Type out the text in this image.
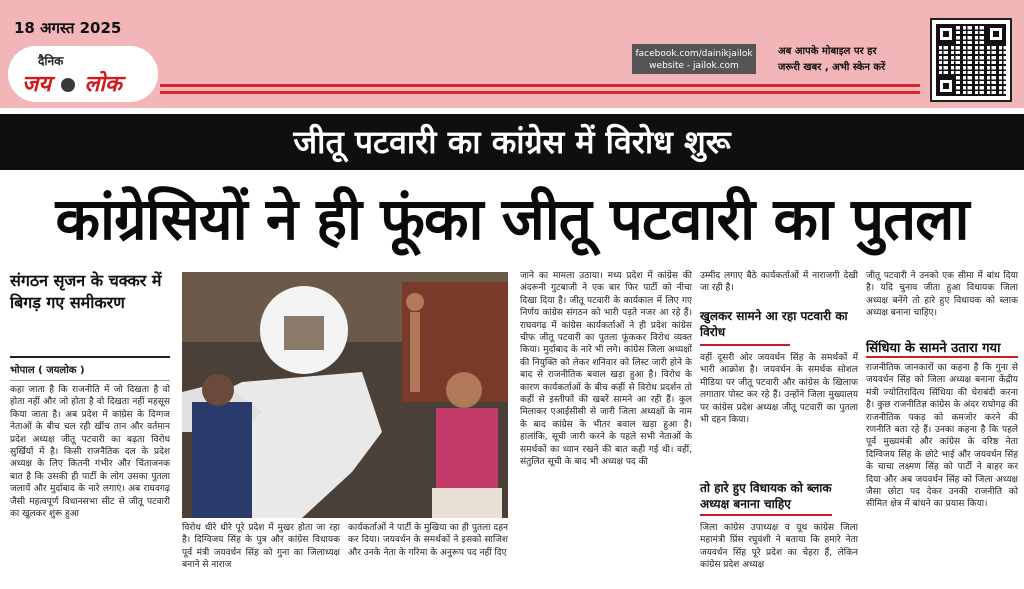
18 अगस्त 2025
दैनिक
जय लोक
facebook.com/dainikjailok
website - jailok.com
अब आपके मोबाइल पर हर
जरूरी खबर , अभी स्केन करें
जीतू पटवारी का कांग्रेस में विरोध शुरू
कांग्रेसियों ने ही फूंका जीतू पटवारी का पुतला
संगठन सृजन के चक्कर में बिगड़ गए समीकरण
भोपाल ( जयलोक )
कहा जाता है कि राजनीति में जो दिखता है वो होता नहीं और जो होता है वो दिखता नहीं महसूस किया जाता है। अब प्रदेश में कांग्रेस के दिग्गज नेताओं के बीच चल रही खींच तान और वर्तमान प्रदेश अध्यक्ष जीतू पटवारी का बढ़ता विरोध सुर्खियों में है। किसी राजनैतिक दल के प्रदेश अध्यक्ष के लिए कितनी गंभीर और चिंताजनक बात है कि उसकी ही पार्टी के लोग उसका पुतला जलायें और मुर्दाबाद के नारे लगाएं। अब राघवगढ़ जैसी महत्वपूर्ण विधानसभा सीट से जीतू पटवारी का खुलकर शुरू हुआ
विरोध धीरे धीरे पूरे प्रदेश में मुखर होता जा रहा है। दिग्विजय सिंह के पुत्र और कांग्रेस विधायक पूर्व मंत्री जयवर्धन सिंह को गुना का जिलाध्यक्ष बनाने से नाराज
कार्यकर्ताओं ने पार्टी के मुखिया का ही पुतला दहन कर दिया। जयवर्धन के समर्थकों ने इसको साजिश और उनके नेता के गरिमा के अनुरूप पद नहीं दिए
जाने का मामला उठाया। मध्य प्रदेश में कांग्रेस की अंदरूनी गुटबाजी ने एक बार फिर पार्टी को नीचा दिखा दिया है। जीतू पटवारी के कार्यकाल में लिए गए निर्णय कांग्रेस संगठन को भारी पड़ते नजर आ रहे हैं। राघवगढ़ में कांग्रेस कार्यकर्ताओं ने ही प्रदेश कांग्रेस चीफ जीतू पटवारी का पुतला फूंककर विरोध व्यक्त किया। मुर्दाबाद के नारे भी लगे। कांग्रेस जिला अध्यक्षों की नियुक्ति को लेकर शनिवार को लिस्ट जारी होने के बाद से राजनीतिक बवाल खड़ा हुआ है। विरोध के कारण कार्यकर्ताओं के बीच कहीं से विरोध प्रदर्शन तो कहीं से इस्तीफों की खबरें सामने आ रही हैं। कुल मिलाकर एआईसीसी से जारी जिला अध्यक्षों के नाम के बाद कांग्रेस के भीतर बवाल खड़ा हुआ है। हालांकि, सूची जारी करने के पहले सभी नेताओं के समर्थकों का ध्यान रखने की बात कही गई थी। वहीं, संतुलित सूची के बाद भी अध्यक्ष पद की
उम्मीद लगाए बैठे कार्यकर्ताओं में नाराजगी देखी जा रही है।
खुलकर सामने आ रहा पटवारी का विरोध
वहीं दूसरी ओर जयवर्धन सिंह के समर्थकों में भारी आक्रोश है। जयवर्धन के समर्थक सोशल मीडिया पर जीतू पटवारी और कांग्रेस के खिलाफ लगातार पोस्ट कर रहे हैं। उन्होंने जिला मुख्यालय पर कांग्रेस प्रदेश अध्यक्ष जीतू पटवारी का पुतला भी दहन किया।
तो हारे हुए विधायक को ब्लाक अध्यक्ष बनाना चाहिए
जिला कांग्रेस उपाध्यक्ष व यूथ कांग्रेस जिला महामंत्री प्रिंस रघुवंशी ने बताया कि हमारे नेता जयवर्धन सिंह पूरे प्रदेश का चेहरा हैं, लेकिन कांग्रेस प्रदेश अध्यक्ष
जीतू पटवारी ने उनको एक सीमा में बांध दिया है। यदि चुनाव जीता हुआ विधायक जिला अध्यक्ष बनेंगे तो हारे हुए विधायक को ब्लाक अध्यक्ष बनाना चाहिए।
सिंधिया के सामने उतारा गया
राजनीतिक जानकारों का कहना है कि गुना से जयवर्धन सिंह को जिला अध्यक्ष बनाना केंद्रीय मंत्री ज्योतिरादित्य सिंधिया की घेराबंदी करना है। कुछ राजनीतिज्ञ कांग्रेस के अंदर राघोगढ़ की राजनीतिक पकड़ को कमजोर करने की रणनीति बता रहे हैं। उनका कहना है कि पहले पूर्व मुख्यमंत्री और कांग्रेस के वरिष्ठ नेता दिग्विजय सिंह के छोटे भाई और जयवर्धन सिंह के चाचा लक्ष्मण सिंह को पार्टी ने बाहर कर दिया और अब जयवर्धन सिंह को जिला अध्यक्ष जैसा छोटा पद देकर उनकी राजनीति को सीमित क्षेत्र में बांधने का प्रयास किया।
